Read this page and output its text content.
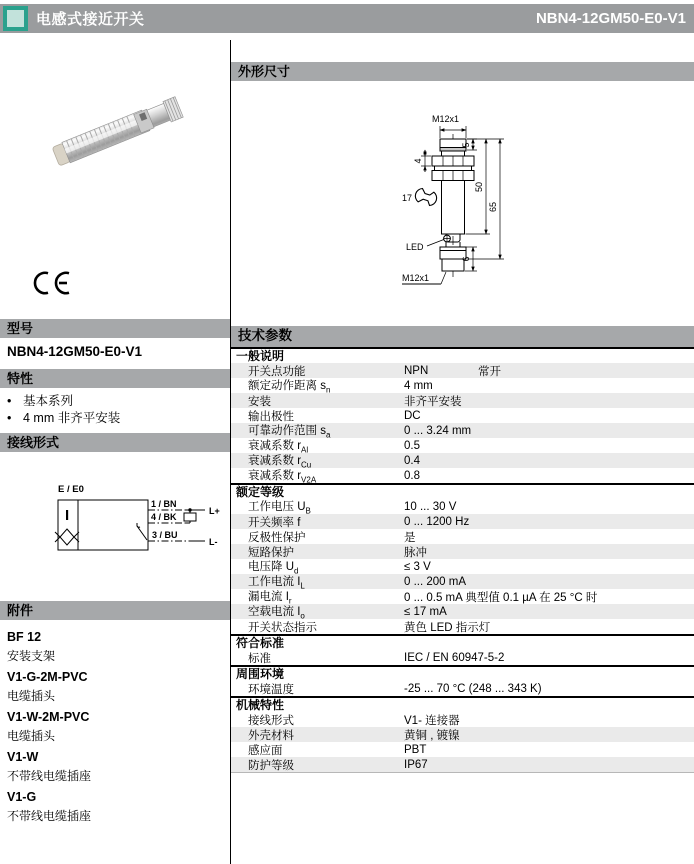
电感式接近开关	NBN4-12GM50-E0-V1
型号
NBN4-12GM50-E0-V1
特性
• 基本系列
• 4 mm 非齐平安装
接线形式
E / E0
I
1 / BN
4 / BK
3 / BU
L+
L-
附件
BF 12
安装支架
V1-G-2M-PVC
电缆插头
V1-W-2M-PVC
电缆插头
V1-W
不带线电缆插座
V1-G
不带线电缆插座
外形尺寸
LED
17
M12x1
5
4
50
65
6
M12x1
技术参数
一般说明
开关点功能	NPN	常开
额定动作距离 $s_n$	4 mm
安装	非齐平安装
输出极性	DC
可靠动作范围 $s_a$	0 ... 3.24 mm
衰减系数 $r_{Al}$	0.5
衰减系数 $r_{Cu}$	0.4
衰减系数 $r_{V2A}$	0.8
额定等级
工作电压 $U_B$	10 ... 30 V
开关频率 f	0 ... 1200 Hz
反极性保护	是
短路保护	脉冲
电压降 $U_d$	≤ 3 V
工作电流 $I_L$	0 ... 200 mA
漏电流 $I_r$	0 ... 0.5 mA 典型值 0.1 µA 在 25 °C 时
空载电流 $I_o$	≤ 17 mA
开关状态指示	黄色 LED 指示灯
符合标准
标准	IEC / EN 60947-5-2
周围环境
环境温度	-25 ... 70 °C (248 ... 343 K)
机械特性
接线形式	V1- 连接器
外壳材料	黄铜 , 镀镍
感应面	PBT
防护等级	IP67
